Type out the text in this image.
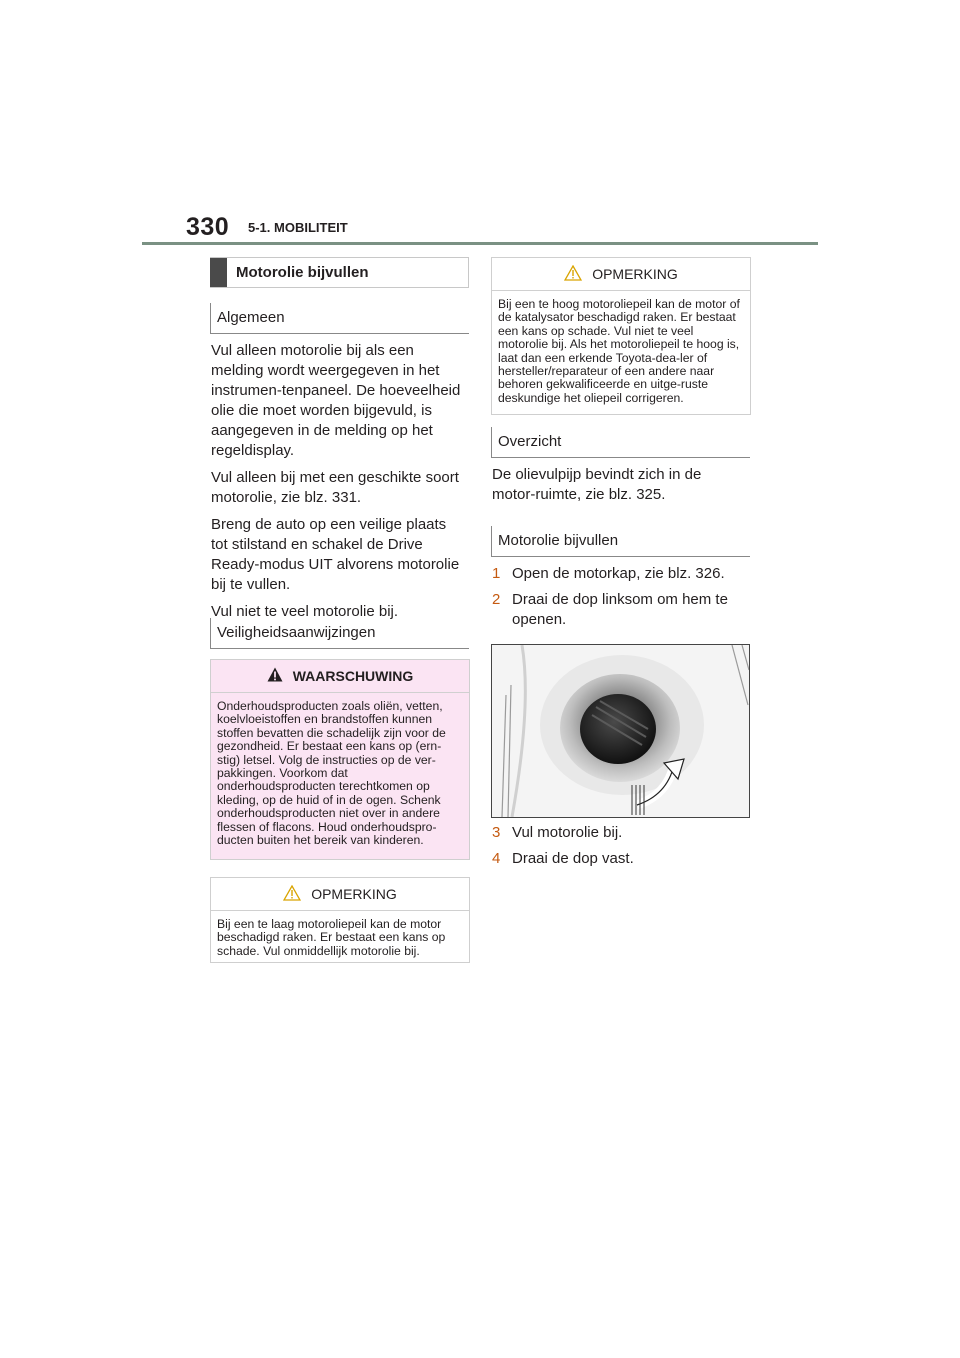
330 5-1. MOBILITEIT
Motorolie bijvullen
Algemeen

Vul alleen motorolie bij als een melding wordt weergegeven in het instrumen-tenpaneel. De hoeveelheid olie die moet worden bijgevuld, is aangegeven in de melding op het regeldisplay.

Vul alleen bij met een geschikte soort motorolie, zie blz. 331.

Breng de auto op een veilige plaats tot stilstand en schakel de Drive Ready-modus UIT alvorens motorolie bij te vullen.

Vul niet te veel motorolie bij.

Veiligheidsaanwijzingen
WAARSCHUWING
Onderhoudsproducten zoals oliën, vetten, koelvloeistoffen en brandstoffen kunnen stoffen bevatten die schadelijk zijn voor de gezondheid. Er bestaat een kans op (ern-stig) letsel. Volg de instructies op de ver-pakkingen. Voorkom dat onderhoudsproducten terechtkomen op kleding, op de huid of in de ogen. Schenk onderhoudsproducten niet over in andere flessen of flacons. Houd onderhoudspro-ducten buiten het bereik van kinderen.
OPMERKING
Bij een te laag motoroliepeil kan de motor beschadigd raken. Er bestaat een kans op schade. Vul onmiddellijk motorolie bij.
OPMERKING
Bij een te hoog motoroliepeil kan de motor of de katalysator beschadigd raken. Er bestaat een kans op schade. Vul niet te veel motorolie bij. Als het motoroliepeil te hoog is, laat dan een erkende Toyota-dea-ler of hersteller/reparateur of een andere naar behoren gekwalificeerde en uitge-ruste deskundige het oliepeil corrigeren.
Overzicht

De olievulpijp bevindt zich in de motor-ruimte, zie blz. 325.

Motorolie bijvullen
1 Open de motorkap, zie blz. 326.
2 Draai de dop linksom om hem te openen.
3 Vul motorolie bij.
4 Draai de dop vast.
